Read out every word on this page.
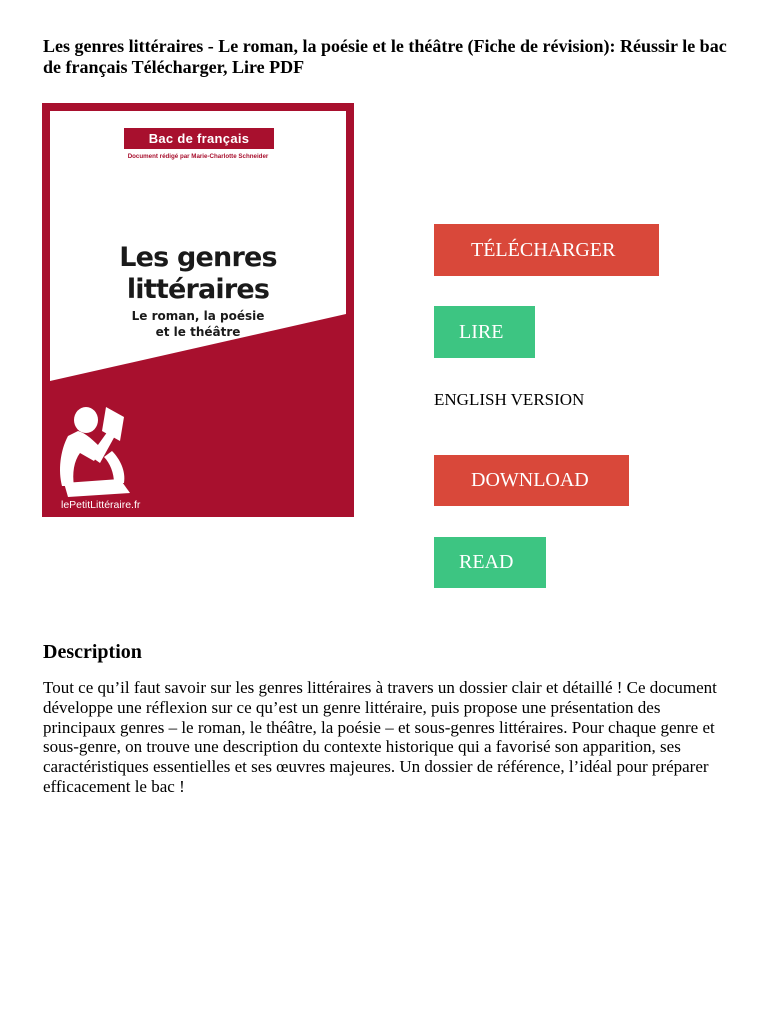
Les genres littéraires - Le roman, la poésie et le théâtre (Fiche de révision): Réussir le bac de français Télécharger, Lire PDF
Bac de français
Document rédigé par Marie-Charlotte Schneider
Les genres
littéraires
Le roman, la poésie
et le théâtre
lePetitLittéraire.fr
TÉLÉCHARGER
LIRE
ENGLISH VERSION
DOWNLOAD
READ
Description
Tout ce qu’il faut savoir sur les genres littéraires à travers un dossier clair et détaillé ! Ce document développe une réflexion sur ce qu’est un genre littéraire, puis propose une présentation des principaux genres – le roman, le théâtre, la poésie – et sous-genres littéraires. Pour chaque genre et sous-genre, on trouve une description du contexte historique qui a favorisé son apparition, ses caractéristiques essentielles et ses œuvres majeures. Un dossier de référence, l’idéal pour préparer efficacement le bac !
